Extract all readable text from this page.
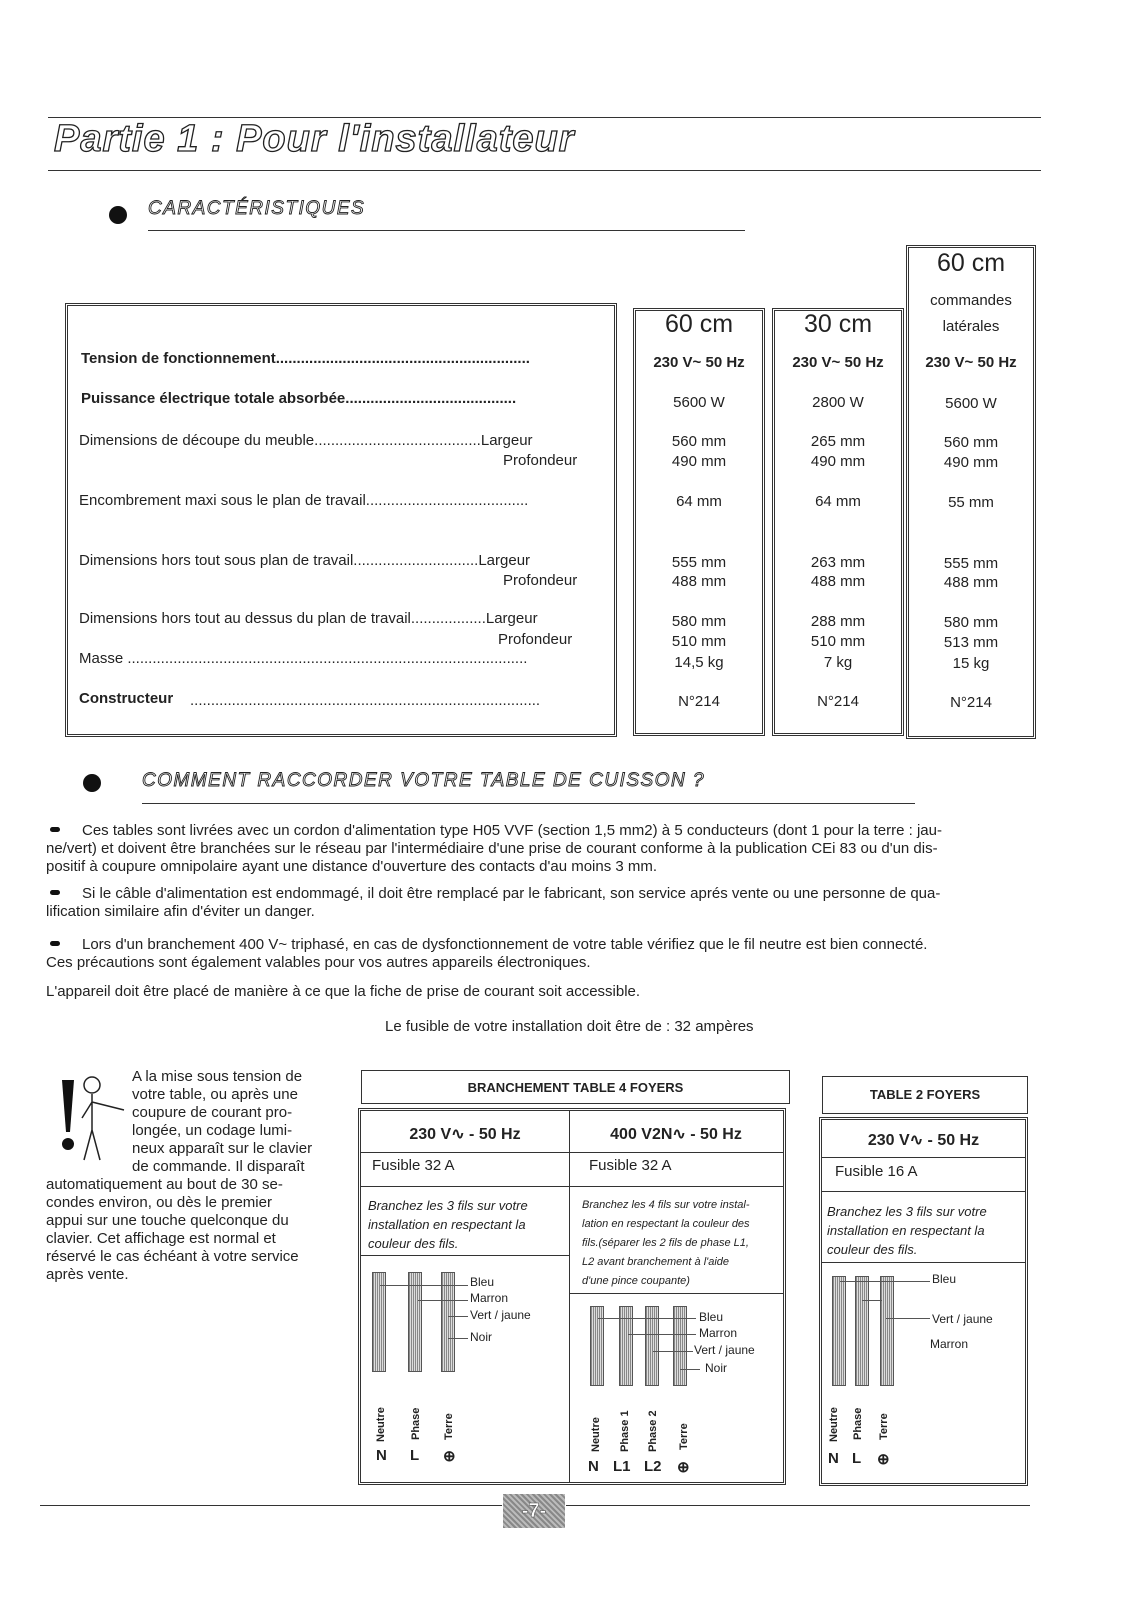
Partie 1 : Pour l'installateur
CARACTÉRISTIQUES
60 cm	30 cm
60 cm
commandes
latérales
Tension de fonctionnement.............................................................
Puissance électrique totale absorbée.........................................
Dimensions de découpe du meuble........................................Largeur
Profondeur
Encombrement maxi sous le plan de travail.......................................
Dimensions hors tout sous plan de travail..............................Largeur
Profondeur
Dimensions hors tout au dessus du plan de travail..................Largeur
Profondeur
Masse ................................................................................................
Constructeur ....................................................................................
230 V~ 50 Hz
5600 W
560 mm
490 mm
64 mm
555 mm
488 mm
580 mm
510 mm
14,5 kg
N°214
230 V~ 50 Hz
2800 W
265 mm
490 mm
64 mm
263 mm
488 mm
288 mm
510 mm
7 kg
N°214
230 V~ 50 Hz
5600 W
560 mm
490 mm
55 mm
555 mm
488 mm
580 mm
513 mm
15 kg
N°214
COMMENT RACCORDER VOTRE TABLE DE CUISSON ?
Ces tables sont livrées avec un cordon d'alimentation type H05 VVF (section 1,5 mm2) à 5 conducteurs (dont 1 pour la terre : jau-
ne/vert) et doivent être branchées sur le réseau par l'intermédiaire d'une prise de courant conforme à la publication CEi 83 ou d'un dis-
positif à coupure omnipolaire ayant une distance d'ouverture des contacts d'au moins 3 mm.
Si le câble d'alimentation est endommagé, il doit être remplacé par le fabricant, son service aprés vente ou une personne de qua-
lification similaire afin d'éviter un danger.
Lors d'un branchement 400 V~ triphasé, en cas de dysfonctionnement de votre table vérifiez que le fil neutre est bien connecté.
Ces précautions sont également valables pour vos autres appareils électroniques.
L'appareil doit être placé de manière à ce que la fiche de prise de courant soit accessible.
Le fusible de votre installation doit être de : 32 ampères
A la mise sous tension de
votre table, ou après une
coupure de courant pro-
longée, un codage lumi-
neux apparaît sur le clavier
de commande. Il disparaît
automatiquement au bout de 30 se-
condes environ, ou dès le premier
appui sur une touche quelconque du
clavier. Cet affichage est normal et
réservé le cas échéant à votre service
après vente.
BRANCHEMENT TABLE 4 FOYERS
230 V∿ - 50 Hz
Fusible 32 A
Branchez les 3 fils sur votre
installation en respectant la
couleur des fils.
400 V2N∿ - 50 Hz
Fusible 32 A
Branchez les 4 fils sur votre instal-
lation en respectant la couleur des
fils.(séparer les 2 fils de phase L1,
L2 avant branchement à l'aide
d'une pince coupante)
Bleu
Marron
Vert / jaune
Noir
Neutre Phase Terre
N L ⊕
Bleu
Marron
Vert / jaune
Noir
Neutre Phase 1 Phase 2 Terre
N L1 L2 ⊕
TABLE 2 FOYERS
230 V∿ - 50 Hz
Fusible 16 A
Branchez les 3 fils sur votre
installation en respectant la
couleur des fils.
Bleu
Vert / jaune
Marron
Neutre Phase Terre
N L ⊕
-7-
